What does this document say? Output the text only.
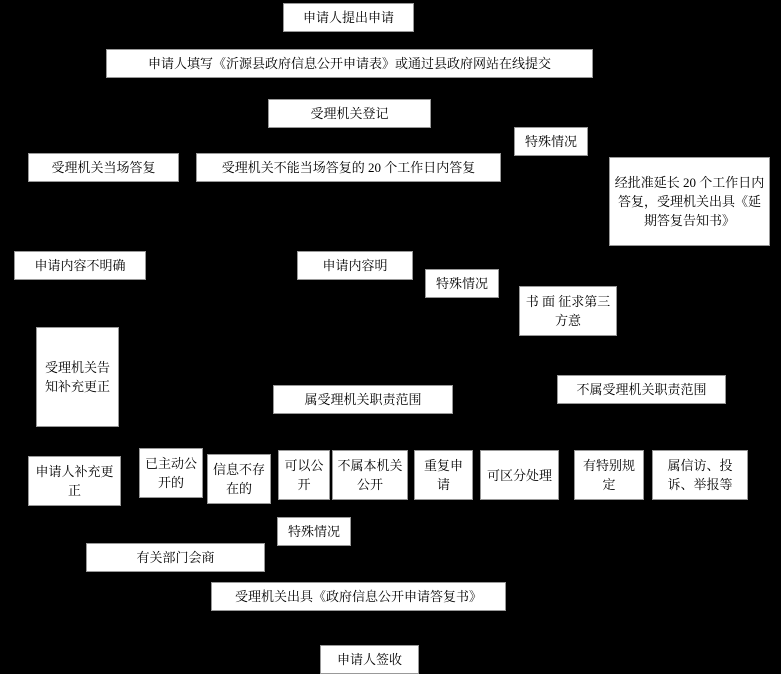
申请人提出申请
申请人填写《沂源县政府信息公开申请表》或通过县政府网站在线提交
受理机关登记
特殊情况
受理机关当场答复	受理机关不能当场答复的 20 个工作日内答复
经批准延长 20 个工作日内答复，受理机关出具《延期答复告知书》
申请内容不明确	申请内容明
特殊情况
书 面 征求第三方意
受理机关告知补充更正
属受理机关职责范围
不属受理机关职责范围
申请人补充更正
已主动公开的
信息不存在的
可以公开
不属本机关公开
重复申请
可区分处理
有特别规定
属信访、投诉、举报等
特殊情况
有关部门会商
受理机关出具《政府信息公开申请答复书》
申请人签收
